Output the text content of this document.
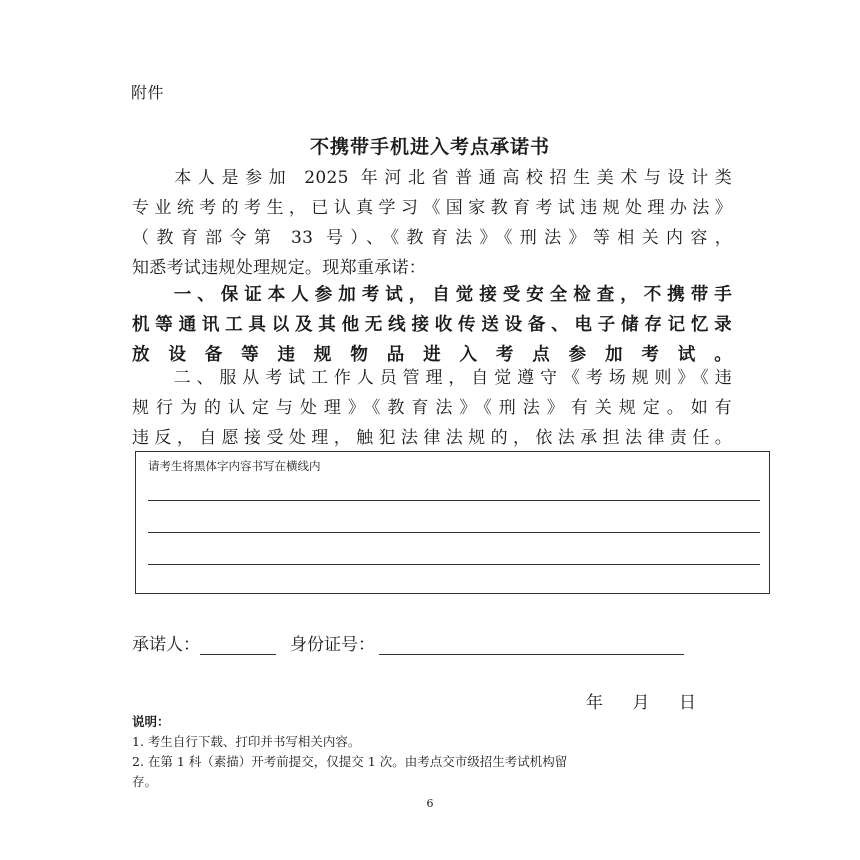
附件
不携带手机进入考点承诺书
本人是参加 2025 年河北省普通高校招生美术与设计类
专业统考的考生，已认真学习《国家教育考试违规处理办法》
（教育部令第 33 号）、《教育法》《刑法》等相关内容，
知悉考试违规处理规定。现郑重承诺：
一、保证本人参加考试，自觉接受安全检查，不携带手
机等通讯工具以及其他无线接收传送设备、电子储存记忆录
放设备等违规物品进入考点参加考试。
二、服从考试工作人员管理，自觉遵守《考场规则》《违
规行为的认定与处理》《教育法》《刑法》有关规定。如有
违反，自愿接受处理，触犯法律法规的，依法承担法律责任。
请考生将黑体字内容书写在横线内
承诺人：	身份证号：
年 月 日
说明：
1. 考生自行下载、打印并书写相关内容。
2. 在第 1 科（素描）开考前提交，仅提交 1 次。由考点交市级招生考试机构留
存。
6
